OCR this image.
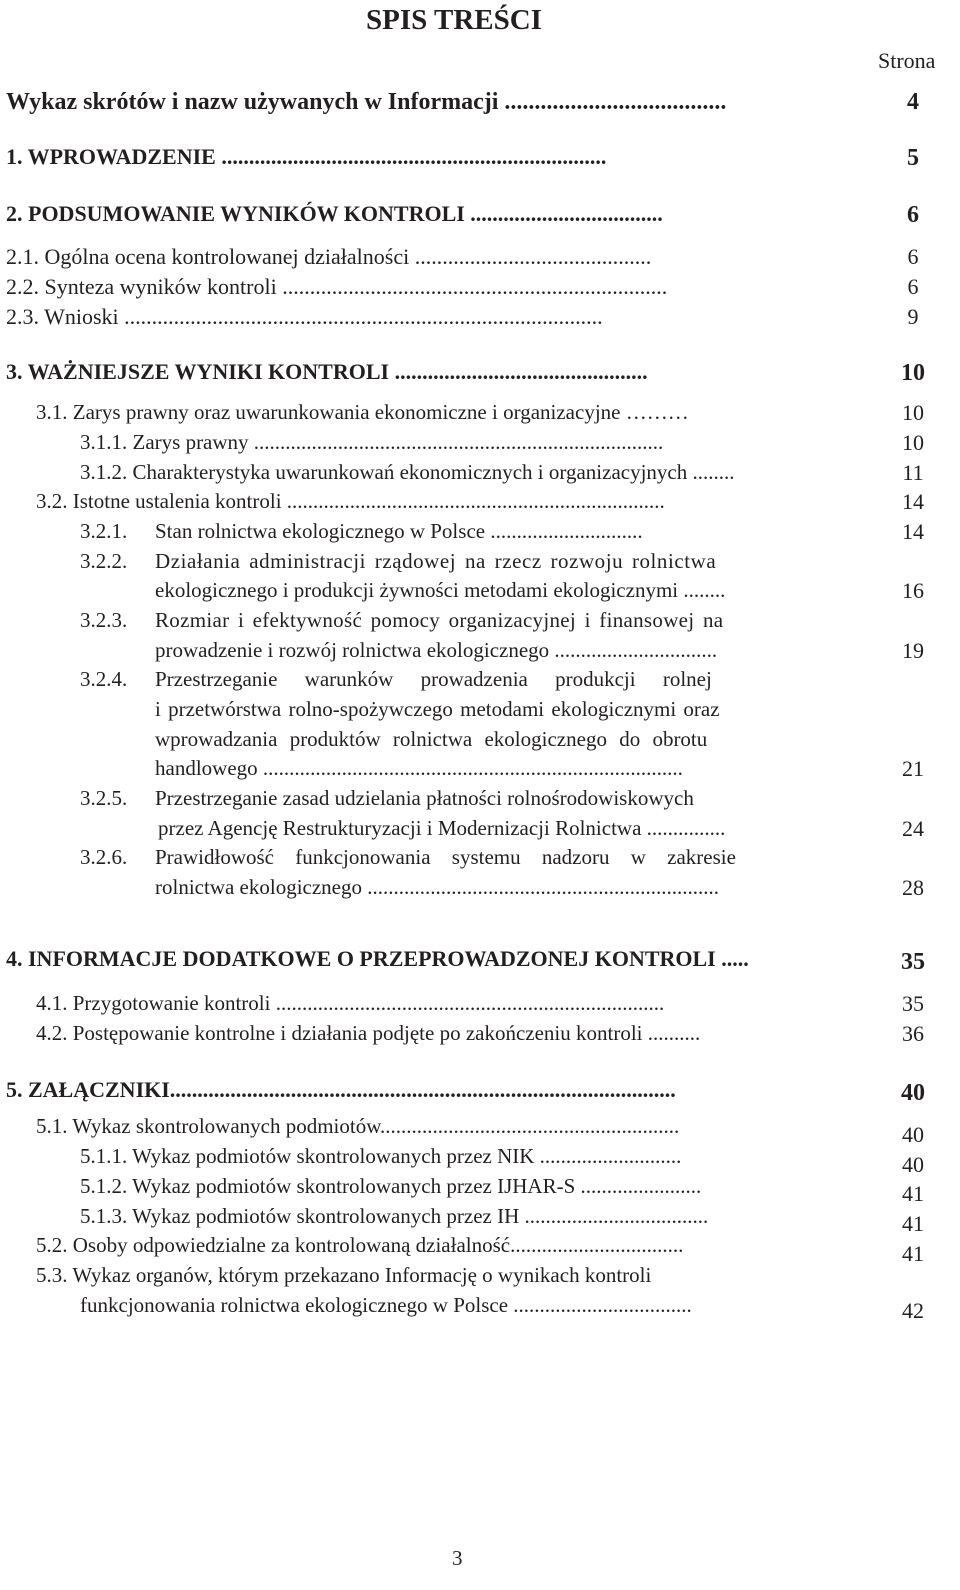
SPIS TREŚCI
Strona
Wykaz skrótów i nazw używanych w Informacji .....................................	4
1. WPROWADZENIE ......................................................................	5
2. PODSUMOWANIE WYNIKÓW KONTROLI ...................................	6
2.1. Ogólna ocena kontrolowanej działalności ...........................................	6
2.2. Synteza wyników kontroli ......................................................................	6
2.3. Wnioski .......................................................................................	9
3. WAŻNIEJSZE WYNIKI KONTROLI ..............................................	10
3.1. Zarys prawny oraz uwarunkowania ekonomiczne i organizacyjne ………	10
3.1.1. Zarys prawny ..............................................................................	10
3.1.2. Charakterystyka uwarunkowań ekonomicznych i organizacyjnych ........	11
3.2. Istotne ustalenia kontroli ........................................................................	14
3.2.1. Stan rolnictwa ekologicznego w Polsce .............................	14
3.2.2. Działania administracji rządowej na rzecz rozwoju rolnictwa
ekologicznego i produkcji żywności metodami ekologicznymi ........	16
3.2.3. Rozmiar i efektywność pomocy organizacyjnej i finansowej na
prowadzenie i rozwój rolnictwa ekologicznego ...............................	19
3.2.4. Przestrzeganie warunków prowadzenia produkcji rolnej
i przetwórstwa rolno-spożywczego metodami ekologicznymi oraz
wprowadzania produktów rolnictwa ekologicznego do obrotu
handlowego ................................................................................	21
3.2.5. Przestrzeganie zasad udzielania płatności rolnośrodowiskowych
przez Agencję Restrukturyzacji i Modernizacji Rolnictwa ...............	24
3.2.6. Prawidłowość funkcjonowania systemu nadzoru w zakresie
rolnictwa ekologicznego ...................................................................	28
4. INFORMACJE DODATKOWE O PRZEPROWADZONEJ KONTROLI .....	35
4.1. Przygotowanie kontroli ..........................................................................	35
4.2. Postępowanie kontrolne i działania podjęte po zakończeniu kontroli ..........	36
5. ZAŁĄCZNIKI............................................................................................	40
5.1. Wykaz skontrolowanych podmiotów.........................................................	40
5.1.1. Wykaz podmiotów skontrolowanych przez NIK ...........................	40
5.1.2. Wykaz podmiotów skontrolowanych przez IJHAR-S .......................	41
5.1.3. Wykaz podmiotów skontrolowanych przez IH ...................................	41
5.2. Osoby odpowiedzialne za kontrolowaną działalność.................................	41
5.3. Wykaz organów, którym przekazano Informację o wynikach kontroli
funkcjonowania rolnictwa ekologicznego w Polsce ..................................	42
3
